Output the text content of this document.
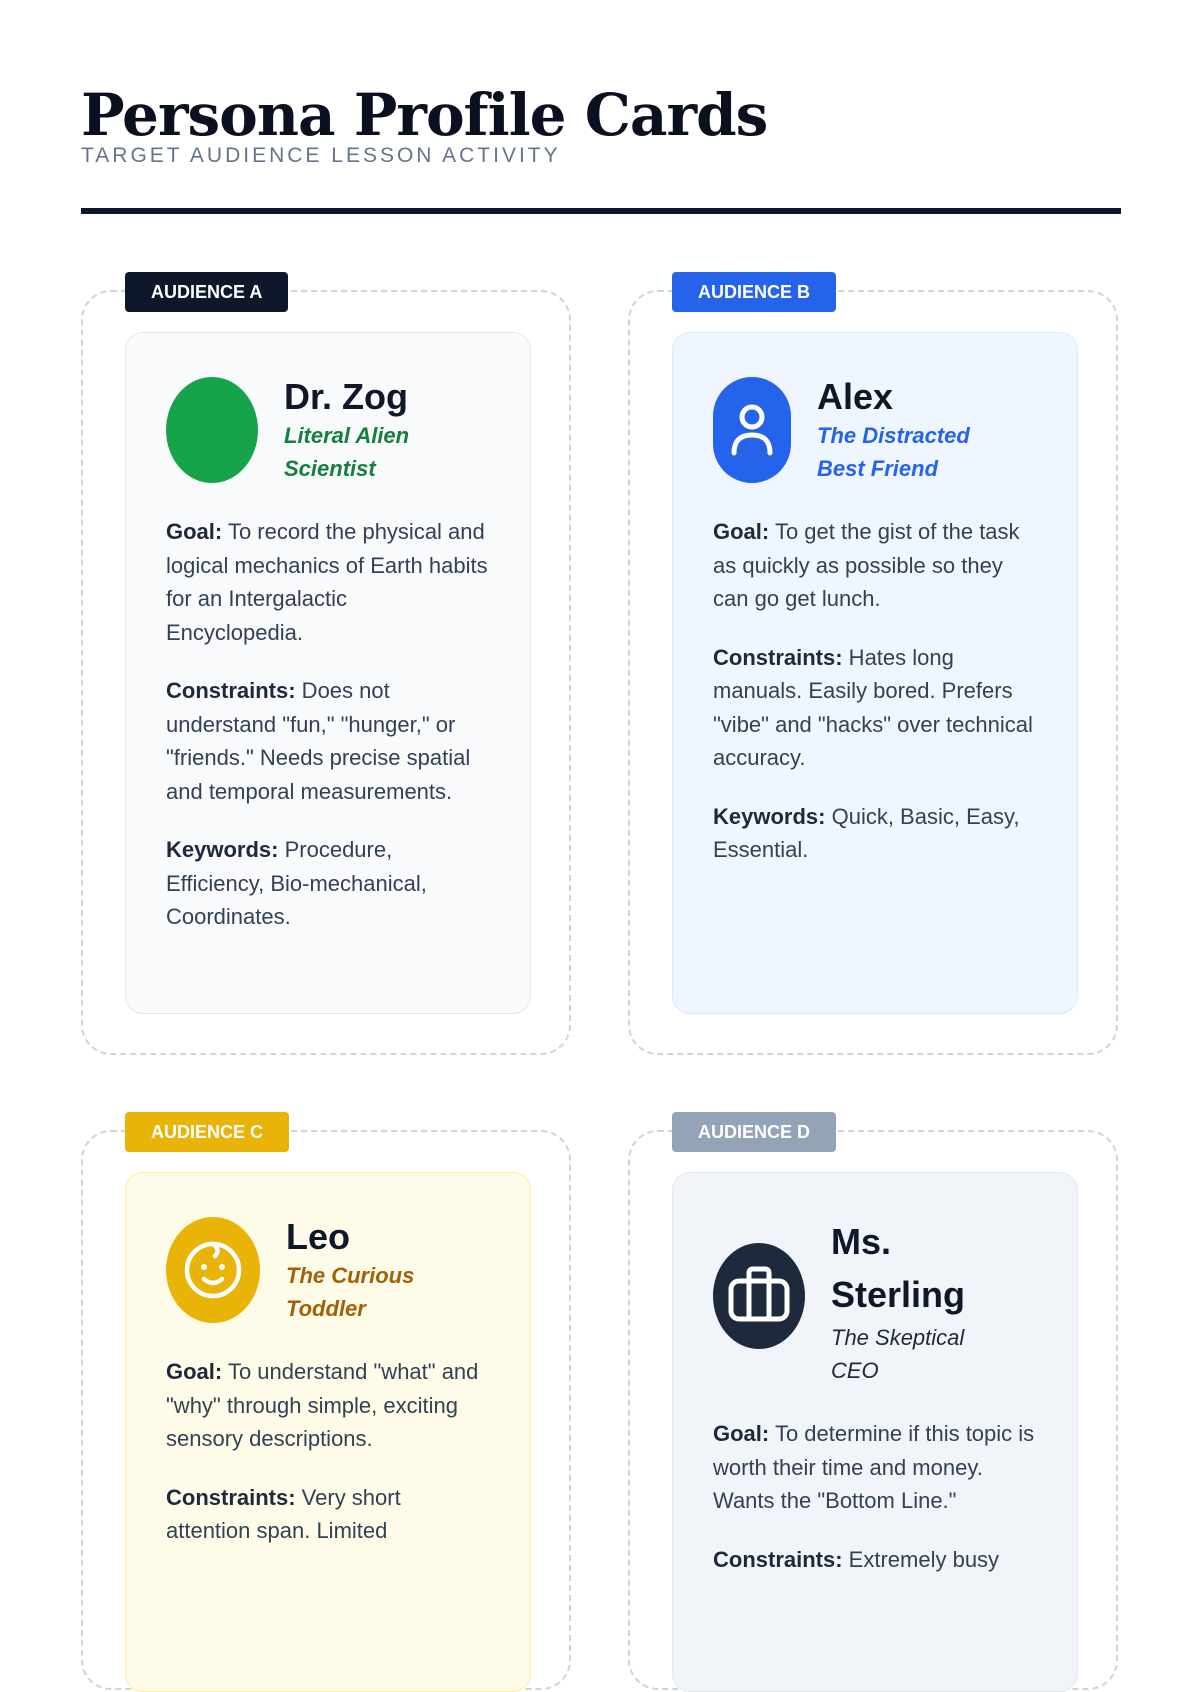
Persona Profile Cards
TARGET AUDIENCE LESSON ACTIVITY
AUDIENCE A
Dr. Zog
Literal Alien Scientist

Goal: To record the physical and logical mechanics of Earth habits for an Intergalactic Encyclopedia.

Constraints: Does not understand "fun," "hunger," or "friends." Needs precise spatial and temporal measurements.

Keywords: Procedure, Efficiency, Bio-mechanical, Coordinates.

AUDIENCE B
Alex
The Distracted Best Friend

Goal: To get the gist of the task as quickly as possible so they can go get lunch.

Constraints: Hates long manuals. Easily bored. Prefers "vibe" and "hacks" over technical accuracy.

Keywords: Quick, Basic, Easy, Essential.

AUDIENCE C
Leo
The Curious Toddler

Goal: To understand "what" and "why" through simple, exciting sensory descriptions.

Constraints: Very short attention span. Limited

AUDIENCE D
Ms. Sterling
The Skeptical CEO

Goal: To determine if this topic is worth their time and money. Wants the "Bottom Line."

Constraints: Extremely busy
